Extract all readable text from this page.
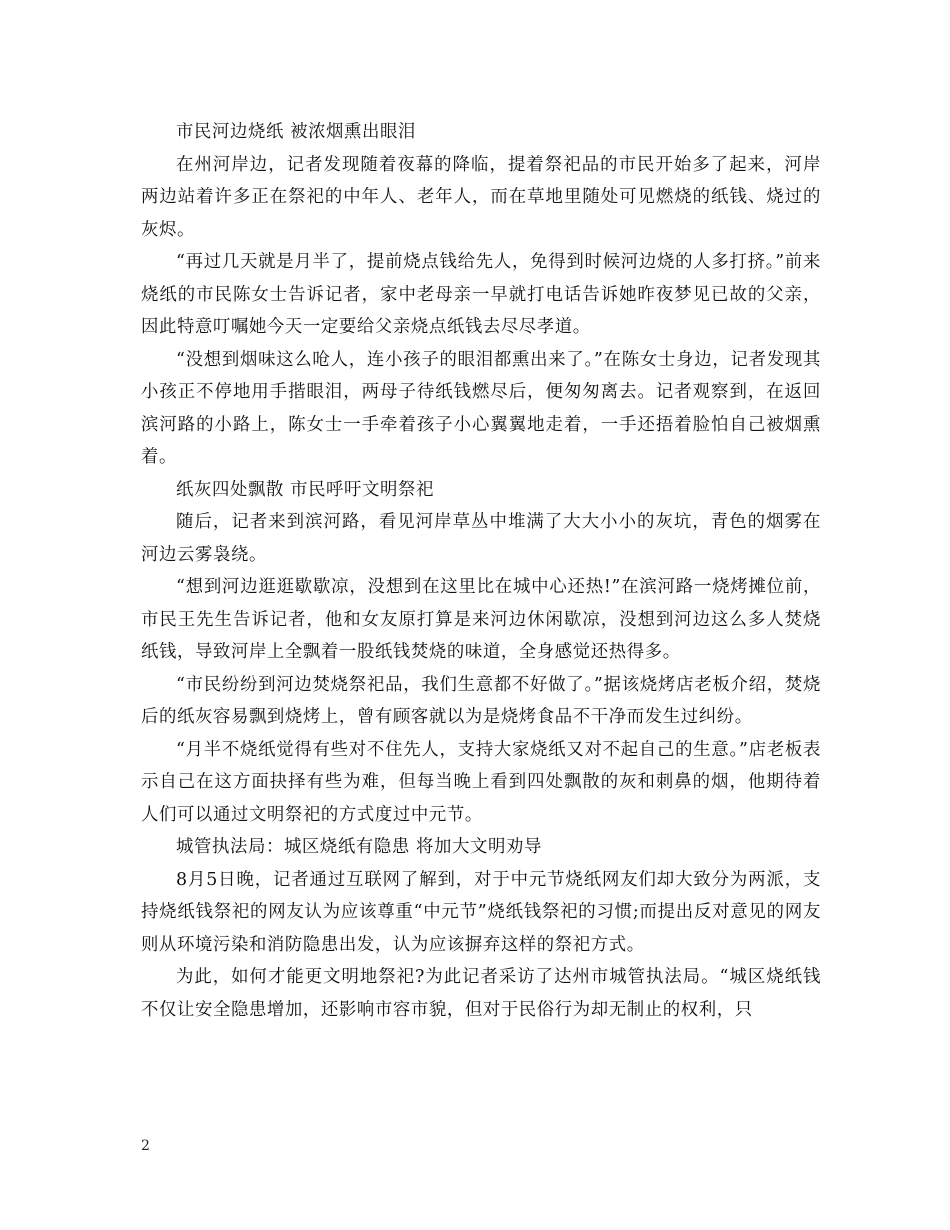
市民河边烧纸 被浓烟熏出眼泪

在州河岸边，记者发现随着夜幕的降临，提着祭祀品的市民开始多了起来，河岸两边站着许多正在祭祀的中年人、老年人，而在草地里随处可见燃烧的纸钱、烧过的灰烬。

“再过几天就是月半了，提前烧点钱给先人，免得到时候河边烧的人多打挤。”前来烧纸的市民陈女士告诉记者，家中老母亲一早就打电话告诉她昨夜梦见已故的父亲，因此特意叮嘱她今天一定要给父亲烧点纸钱去尽尽孝道。

“没想到烟味这么呛人，连小孩子的眼泪都熏出来了。”在陈女士身边，记者发现其小孩正不停地用手揩眼泪，两母子待纸钱燃尽后，便匆匆离去。记者观察到，在返回滨河路的小路上，陈女士一手牵着孩子小心翼翼地走着，一手还捂着脸怕自己被烟熏着。

纸灰四处飘散 市民呼吁文明祭祀

随后，记者来到滨河路，看见河岸草丛中堆满了大大小小的灰坑，青色的烟雾在河边云雾袅绕。

“想到河边逛逛歇歇凉，没想到在这里比在城中心还热!”在滨河路一烧烤摊位前，市民王先生告诉记者，他和女友原打算是来河边休闲歇凉，没想到河边这么多人焚烧纸钱，导致河岸上全飘着一股纸钱焚烧的味道，全身感觉还热得多。

“市民纷纷到河边焚烧祭祀品，我们生意都不好做了。”据该烧烤店老板介绍，焚烧后的纸灰容易飘到烧烤上，曾有顾客就以为是烧烤食品不干净而发生过纠纷。

“月半不烧纸觉得有些对不住先人，支持大家烧纸又对不起自己的生意。”店老板表示自己在这方面抉择有些为难，但每当晚上看到四处飘散的灰和刺鼻的烟，他期待着人们可以通过文明祭祀的方式度过中元节。

城管执法局：城区烧纸有隐患 将加大文明劝导

8月5日晚，记者通过互联网了解到，对于中元节烧纸网友们却大致分为两派，支持烧纸钱祭祀的网友认为应该尊重“中元节”烧纸钱祭祀的习惯;而提出反对意见的网友则从环境污染和消防隐患出发，认为应该摒弃这样的祭祀方式。

为此，如何才能更文明地祭祀?为此记者采访了达州市城管执法局。“城区烧纸钱不仅让安全隐患增加，还影响市容市貌，但对于民俗行为却无制止的权利，只

2
